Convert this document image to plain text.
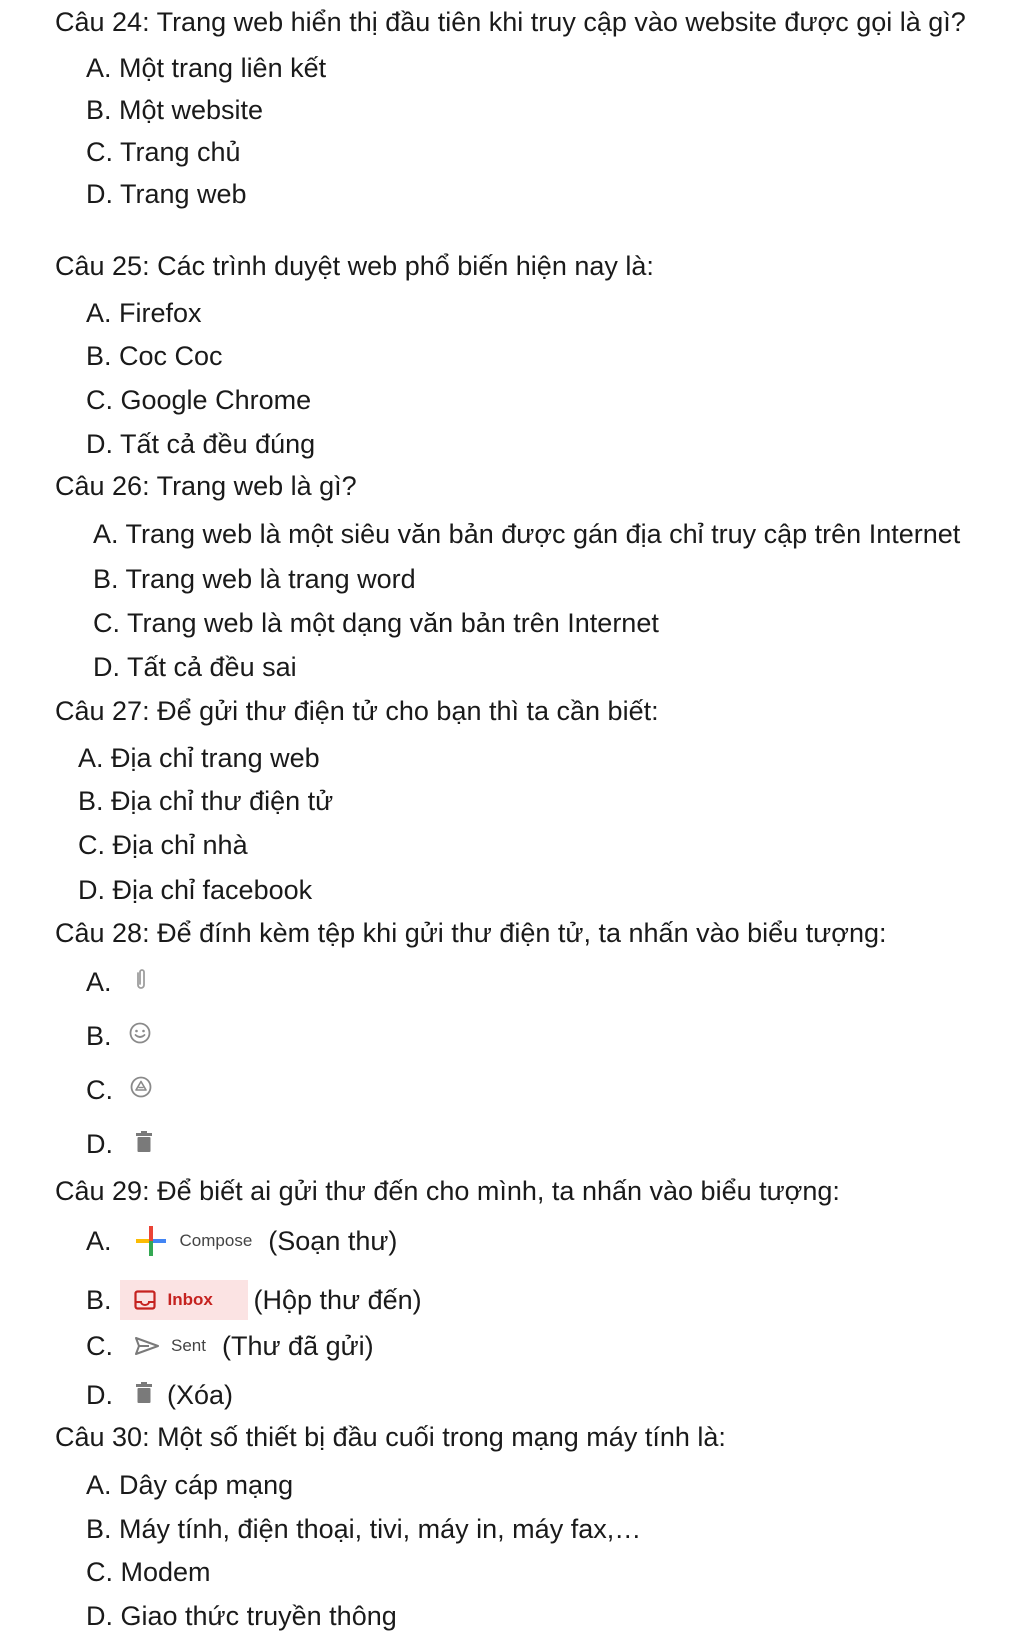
Câu 24: Trang web hiển thị đầu tiên khi truy cập vào website được gọi là gì?
A. Một trang liên kết
B. Một website
C. Trang chủ
D. Trang web
Câu 25: Các trình duyệt web phổ biến hiện nay là:
A. Firefox
B. Coc Coc
C. Google Chrome
D. Tất cả đều đúng
Câu 26: Trang web là gì?
A. Trang web là một siêu văn bản được gán địa chỉ truy cập trên Internet
B. Trang web là trang word
C. Trang web là một dạng văn bản trên Internet
D. Tất cả đều sai
Câu 27: Để gửi thư điện tử cho bạn thì ta cần biết:
A. Địa chỉ trang web
B. Địa chỉ thư điện tử
C. Địa chỉ nhà
D. Địa chỉ facebook
Câu 28: Để đính kèm tệp khi gửi thư điện tử, ta nhấn vào biểu tượng:
A.
B.
C.
D.
Câu 29: Để biết ai gửi thư đến cho mình, ta nhấn vào biểu tượng:
A.	Compose (Soạn thư)
B.	Inbox (Hộp thư đến)
C.	Sent (Thư đã gửi)
D. (Xóa)
Câu 30: Một số thiết bị đầu cuối trong mạng máy tính là:
A. Dây cáp mạng
B. Máy tính, điện thoại, tivi, máy in, máy fax,…
C. Modem
D. Giao thức truyền thông
